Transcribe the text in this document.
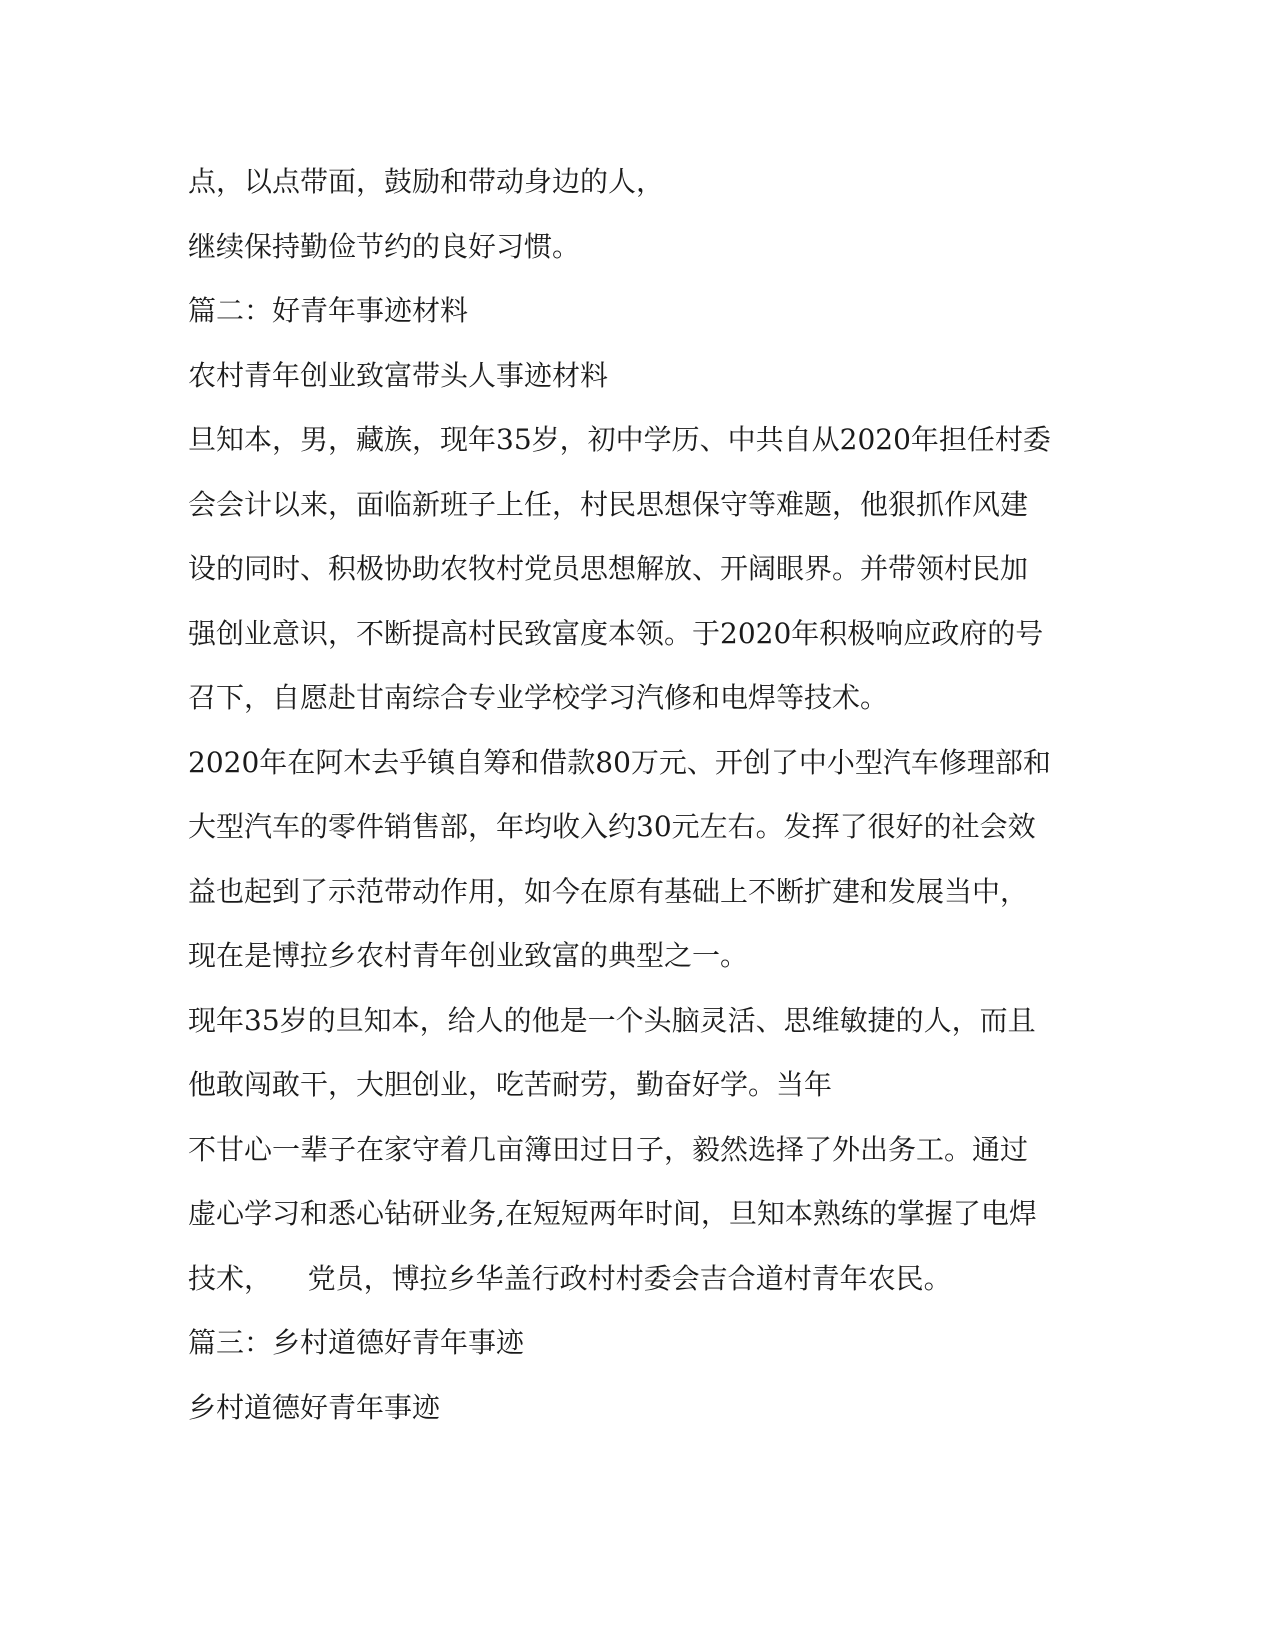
点，以点带面，鼓励和带动身边的人，
继续保持勤俭节约的良好习惯。
篇二：好青年事迹材料
农村青年创业致富带头人事迹材料
旦知本，男，藏族，现年35岁，初中学历、中共自从2020年担任村委
会会计以来，面临新班子上任，村民思想保守等难题，他狠抓作风建
设的同时、积极协助农牧村党员思想解放、开阔眼界。并带领村民加
强创业意识，不断提高村民致富度本领。于2020年积极响应政府的号
召下，自愿赴甘南综合专业学校学习汽修和电焊等技术。
2020年在阿木去乎镇自筹和借款80万元、开创了中小型汽车修理部和
大型汽车的零件销售部，年均收入约30元左右。发挥了很好的社会效
益也起到了示范带动作用，如今在原有基础上不断扩建和发展当中，
现在是博拉乡农村青年创业致富的典型之一。
现年35岁的旦知本，给人的他是一个头脑灵活、思维敏捷的人，而且
他敢闯敢干，大胆创业，吃苦耐劳，勤奋好学。当年
不甘心一辈子在家守着几亩簿田过日子，毅然选择了外出务工。通过
虚心学习和悉心钻研业务,在短短两年时间，旦知本熟练的掌握了电焊
技术，    党员，博拉乡华盖行政村村委会吉合道村青年农民。
篇三：乡村道德好青年事迹
乡村道德好青年事迹
